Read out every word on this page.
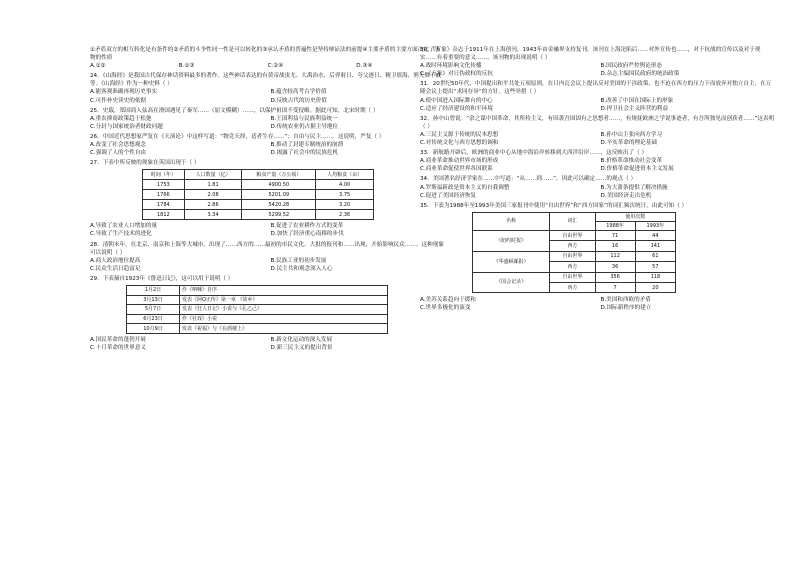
①矛盾双方的相互转化是有条件的②矛盾的斗争性同一性是可以转化的③承认矛盾的普遍性是坚持辩证法的前提④主要矛盾的主要方面决定了事物的性质
A.①②	B.①③	C.②④	D.③④
24．《山海经》是我国古代保存神话资料最多的著作。这些神话表达的有黄帝战蚩尤、大禹治水、后羿射日、夸父逐日、精卫填海、刑天舞干戚等。《山海经》作为一种史料（ ）
A.能客观准确再现历史事实	B.蕴含较高考古学价值
C.可作补史读史的依据	D.反映古代的历史价值
25．史载，郑国商人弦高在滑国遇见了秦军……（原文模糊）……，以保护祖国不受侵略。据此可知，北宋时期（ ）
A.重农抑商政策趋于松弛	B.王国利益与民族利益统一
C.分封与国家统治者财政问题	D.传统农业仍占据主导地位
26．中国近代思想家严复在《天演论》中这样写道：“物竞天择，适者生存……”；自由与民主……。这说明，严复（ ）
A.改变了社会思想观念	B.推动了封建专制统治的崩溃
C.强调了人的个性自由	D.揭露了社会中的民族危机
27．下表中所反映的现象在英国出现于（ ）
时间（年）	人口数量（亿）	粮食产量（万公顷）	人均粮食（亩）
1753	1.81	4900.50	4.00
1766	2.08	5201.09	3.75
1784	2.86	5420.28	3.20
1812	3.34	5299.52	2.36
A.导致了农业人口增加的量	B.促进了农业耕作方式的变革
C.导致了生产技术的进化	D.加快了经济重心南移的步伐
28．清朝末年，在北京、南京和上海等大城市，出现了……西方的……最初的市民文化。大批的报刊和……出现，开始影响民众……。这种现象可以说明（ ）
A.商人政治地位提高	B.民族工业的初步发展
C.民众生活日趋富足	D.民主共和观念深入人心
29．下表摘自1923年《鲁迅日记》，这可以用于说明（ ）
1月2日	作《呐喊》自序
3月13日	发表《阿Q正传》第一章 《故乡》
5月7日	发表《狂人日记》小说与《孔乙己》
6月23日	作《社戏》小说
10月9日	发表《祝福》与《在酒楼上》
A.国民革命的蓬勃开展	B.新文化运动的深入发展
C.十月革命的世界意义	D.新三民主义的提出背景
30．《万象》杂志于1911年在上海创刊，1943年由金融界支持复刊。该刊在上海沦陷后……对外宣传也……，对于抗战的宣传以及对于现实……有着重要的意义……。该刊物的出现说明（ ）
A.战时环境影响文化传播	B.国民政府严控舆论形态
C.《万象》对日伪政权的反抗	D.杂志主编国民政府的统治政策
31．20世纪50年代，中国提出和平共处五项原则，在日内瓦会议上提出反对美国的干涉政策，也不迫在西方的压力下而放弃对独立自主，在万隆会议上提出“求同存异”的方针。这些举措（ ）
A.使中国进入国际舞台的中心	B.改善了中国在国际上的形象
C.适应了经济建设的和平环境	D.捍卫社会主义阵营的利益
32．孙中山曾说：“余之谋中国革命，其所持主义，有因袭吾国固有之思想者……，有规抚欧洲之学说事迹者，有吾所独见而创获者……”这表明（ ）
A.三民主义源于传统的民本思想	B.孙中山主张向西方学习
C.对传统文化与西方思想的调和	D.辛亥革命的理论基础
33．新航路开辟后，欧洲的商业中心从地中海沿岸转移到大西洋沿岸……，这反映出了（ ）
A.商业革命推动世界市场的形成	B.价格革命推动社会变革
C.商业革命促使世界各国联系	D.价格革命促进资本主义发展
34．美国著名经济学家在……中写道：“从……到……”，因此可以确定……的观点（ ）
A.罗斯福新政是资本主义的自我调整	B.为大萧条提供了解决措施
C.促进了美国经济恢复	D.美国经济走出危机
35．下表为1988年至1993年美国三家报刊中使用“自由世界”和“西方国家”的词汇频次统计，由此可知（ ）
名称	词汇	使用次数	
		1988年	1993年
《纽约时报》	自由世界	71	44
	西方	16	141
《华盛顿邮报》	自由世界	112	61
	西方	36	57
《国会记录》	自由世界	356	118
	西方	7	20
A.美苏关系趋向于缓和	B.美国和西欧的矛盾
C.世界多极化的演变	D.国际新秩序的建立
